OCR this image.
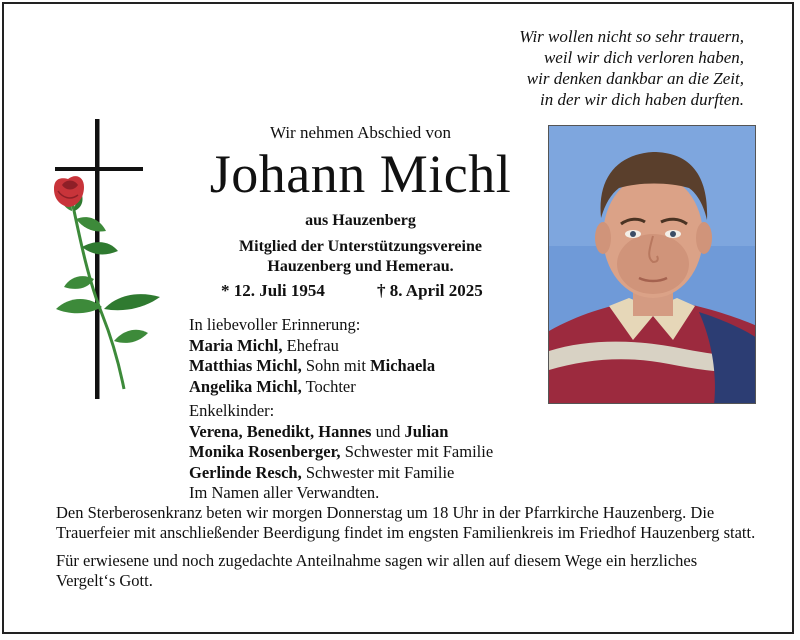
Wir wollen nicht so sehr trauern,
weil wir dich verloren haben,
wir denken dankbar an die Zeit,
in der wir dich haben durften.
Wir nehmen Abschied von
Johann Michl
aus Hauzenberg
Mitglied der Unterstützungsvereine
Hauzenberg und Hemerau.
* 12. Juli 1954	† 8. April 2025
In liebevoller Erinnerung:
Maria Michl, Ehefrau
Matthias Michl, Sohn mit Michaela
Angelika Michl, Tochter
Enkelkinder:
Verena, Benedikt, Hannes und Julian
Monika Rosenberger, Schwester mit Familie
Gerlinde Resch, Schwester mit Familie
Im Namen aller Verwandten.

Den Sterberosenkranz beten wir morgen Donnerstag um 18 Uhr in der Pfarrkirche Hauzenberg. Die Trauerfeier mit anschließender Beerdigung findet im engsten Familienkreis im Friedhof Hauzenberg statt.

Für erwiesene und noch zugedachte Anteilnahme sagen wir allen auf diesem Wege ein herzliches Vergelt‘s Gott.
